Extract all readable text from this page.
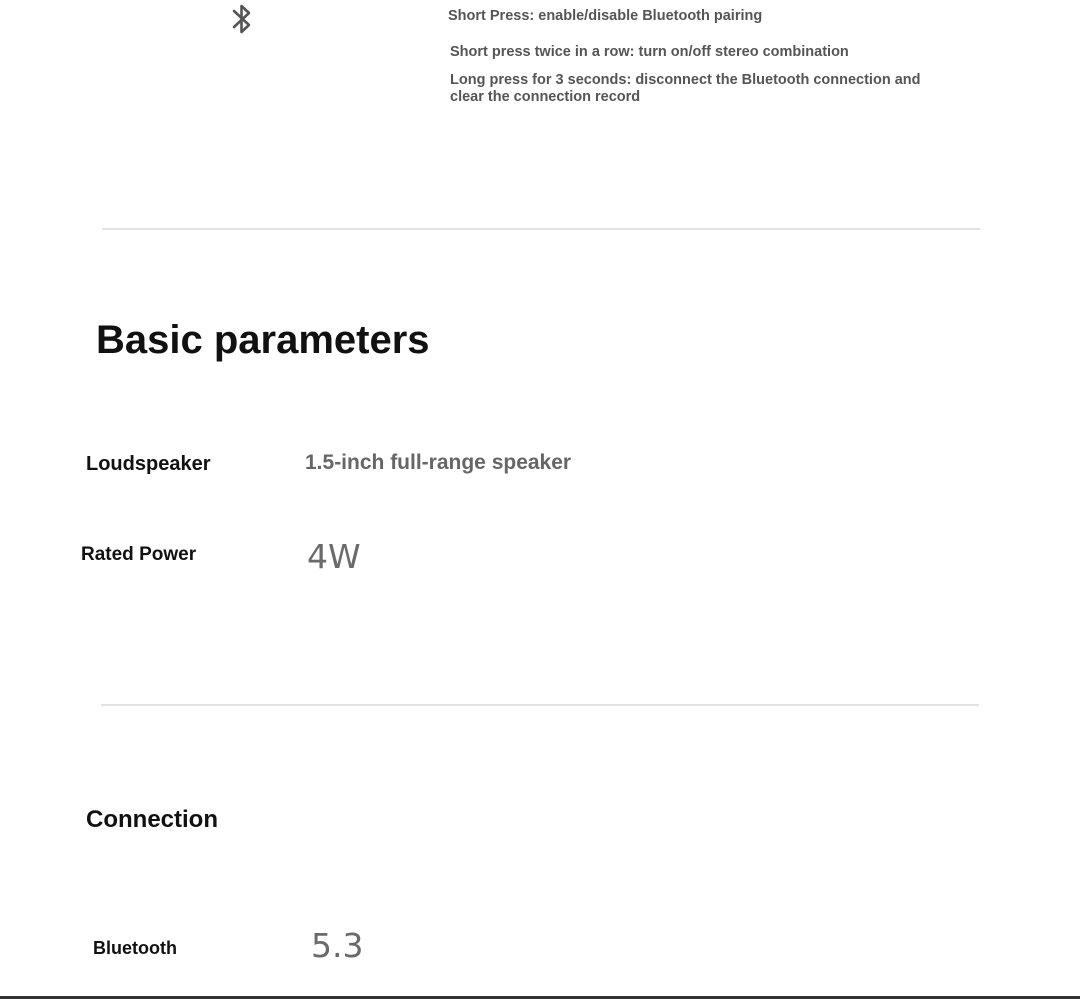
Short Press: enable/disable Bluetooth pairing
Short press twice in a row: turn on/off stereo combination
Long press for 3 seconds: disconnect the Bluetooth connection and clear the connection record
Basic parameters
Loudspeaker	1.5-inch full-range speaker
Rated Power	4W
Connection
Bluetooth	5.3
